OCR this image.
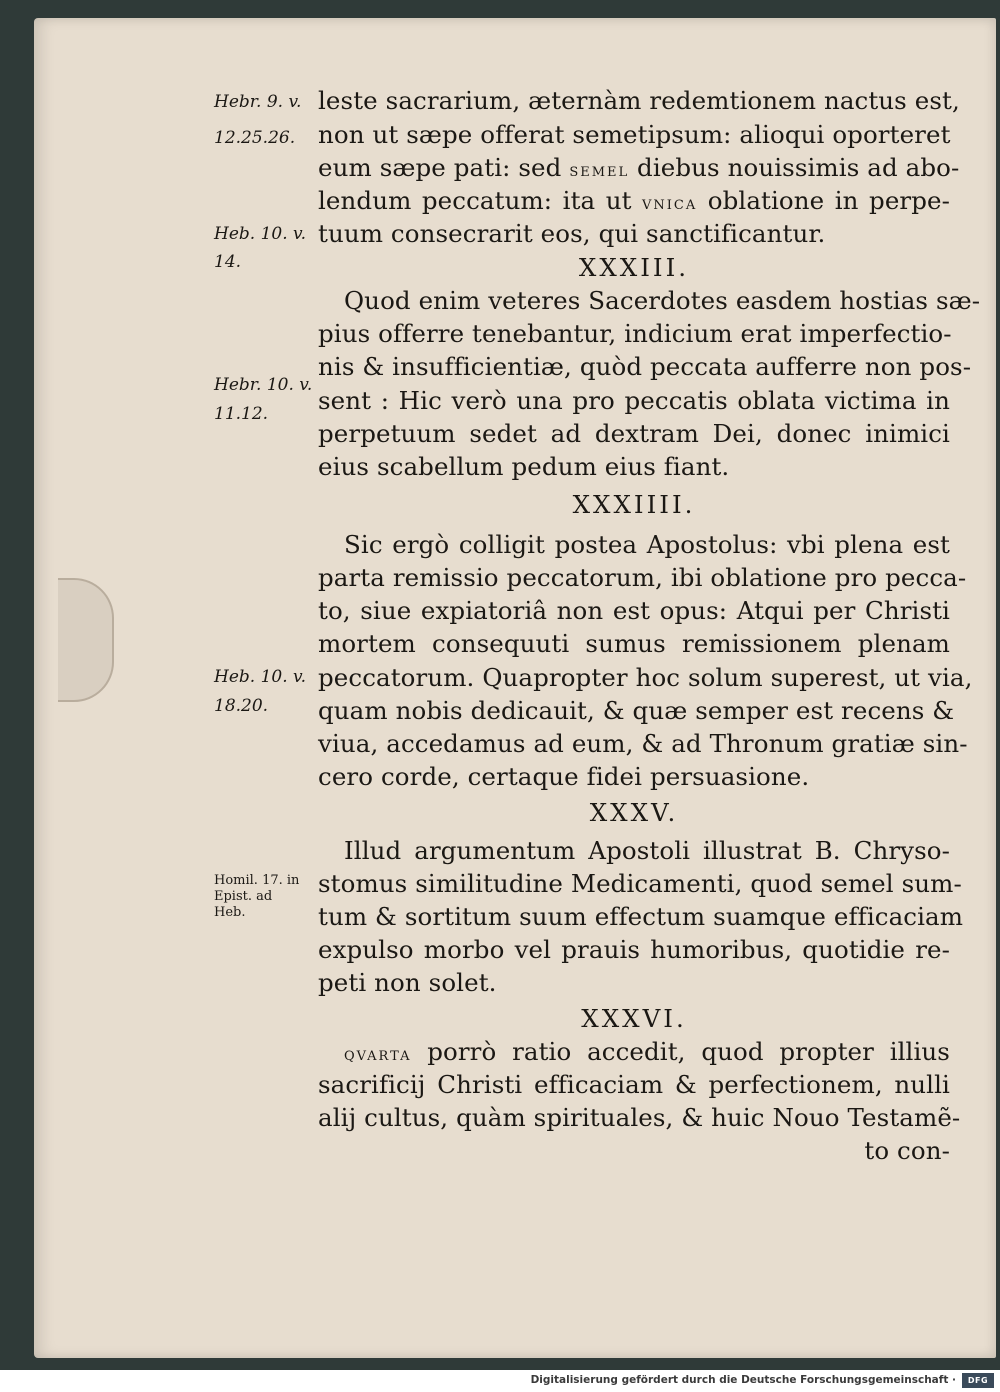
leste sacrarium, æternàm redemtionem nactus est,
non ut sæpe offerat semetipsum: alioqui oporteret
eum sæpe pati: sed SEMEL diebus nouissimis ad abo-
lendum peccatum: ita ut VNICA oblatione in perpe-
tuum consecrarit eos, qui sanctificantur.
XXXIII.
Quod enim veteres Sacerdotes easdem hostias sæ-
pius offerre tenebantur, indicium erat imperfectio-
nis & insufficientiæ, quòd peccata aufferre non pos-
sent : Hic verò una pro peccatis oblata victima in
perpetuum sedet ad dextram Dei, donec inimici
eius scabellum pedum eius fiant.
XXXIIII.
Sic ergò colligit postea Apostolus: vbi plena est
parta remissio peccatorum, ibi oblatione pro pecca-
to, siue expiatoriâ non est opus: Atqui per Christi
mortem consequuti sumus remissionem plenam
peccatorum. Quapropter hoc solum superest, ut via,
quam nobis dedicauit, & quæ semper est recens &
viua, accedamus ad eum, & ad Thronum gratiæ sin-
cero corde, certaque fidei persuasione.
XXXV.
Illud argumentum Apostoli illustrat B. Chryso-
stomus similitudine Medicamenti, quod semel sum-
tum & sortitum suum effectum suamque efficaciam
expulso morbo vel prauis humoribus, quotidie re-
peti non solet.
XXXVI.
QVARTA porrò ratio accedit, quod propter illius
sacrificij Christi efficaciam & perfectionem, nulli
alij cultus, quàm spirituales, & huic Nouo Testamẽ-
to con-
Hebr. 9. v.
12.25.26.
Heb. 10. v.
14.
Hebr. 10. v.
11.12.
Heb. 10. v.
18.20.
Homil. 17. in
Epist. ad
Heb.
Digitalisierung gefördert durch die Deutsche Forschungsgemeinschaft ·	DFG
